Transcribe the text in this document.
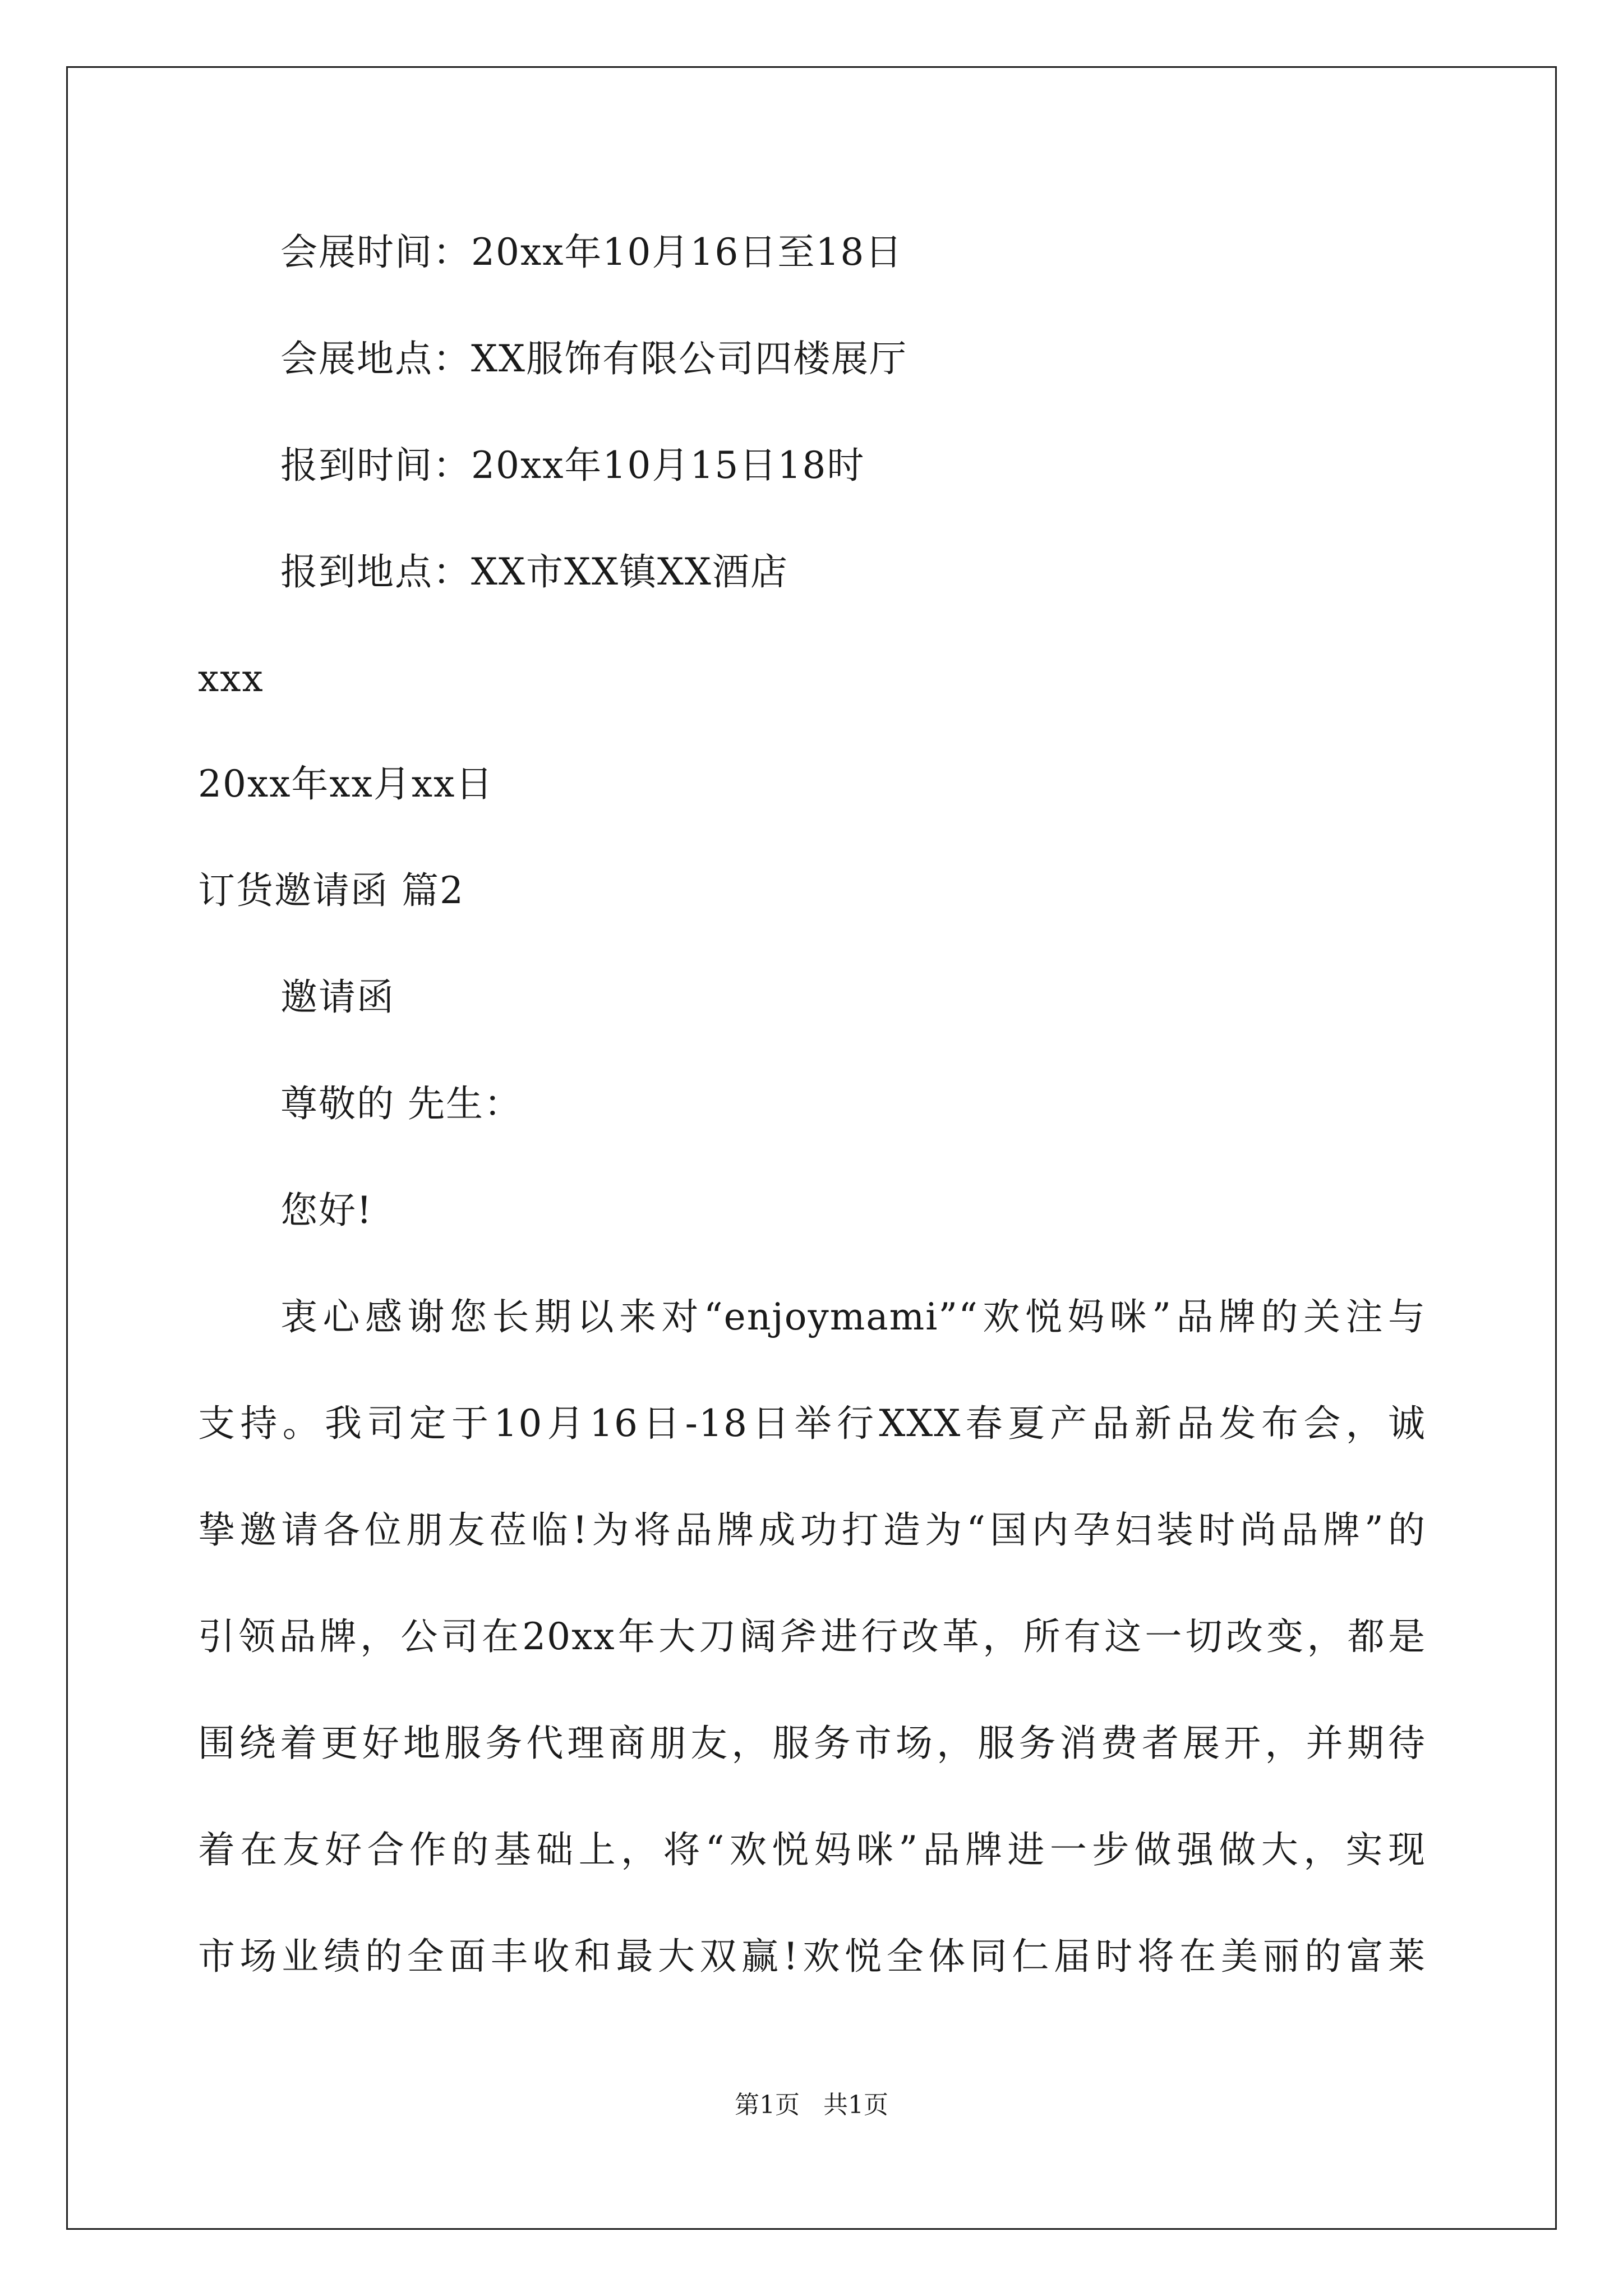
会展时间：20xx年10月16日至18日
会展地点：XX服饰有限公司四楼展厅
报到时间：20xx年10月15日18时
报到地点：XX市XX镇XX酒店
xxx
20xx年xx月xx日
订货邀请函 篇2
邀请函
尊敬的 先生：
您好!
衷心感谢您长期以来对“enjoymami”“欢悦妈咪”品牌的关注与
支持。我司定于10月16日-18日举行XXX春夏产品新品发布会，诚
挚邀请各位朋友莅临!为将品牌成功打造为“国内孕妇装时尚品牌”的
引领品牌，公司在20xx年大刀阔斧进行改革，所有这一切改变，都是
围绕着更好地服务代理商朋友，服务市场，服务消费者展开，并期待
着在友好合作的基础上，将“欢悦妈咪”品牌进一步做强做大，实现
市场业绩的全面丰收和最大双赢!欢悦全体同仁届时将在美丽的富莱
第1页   共1页
